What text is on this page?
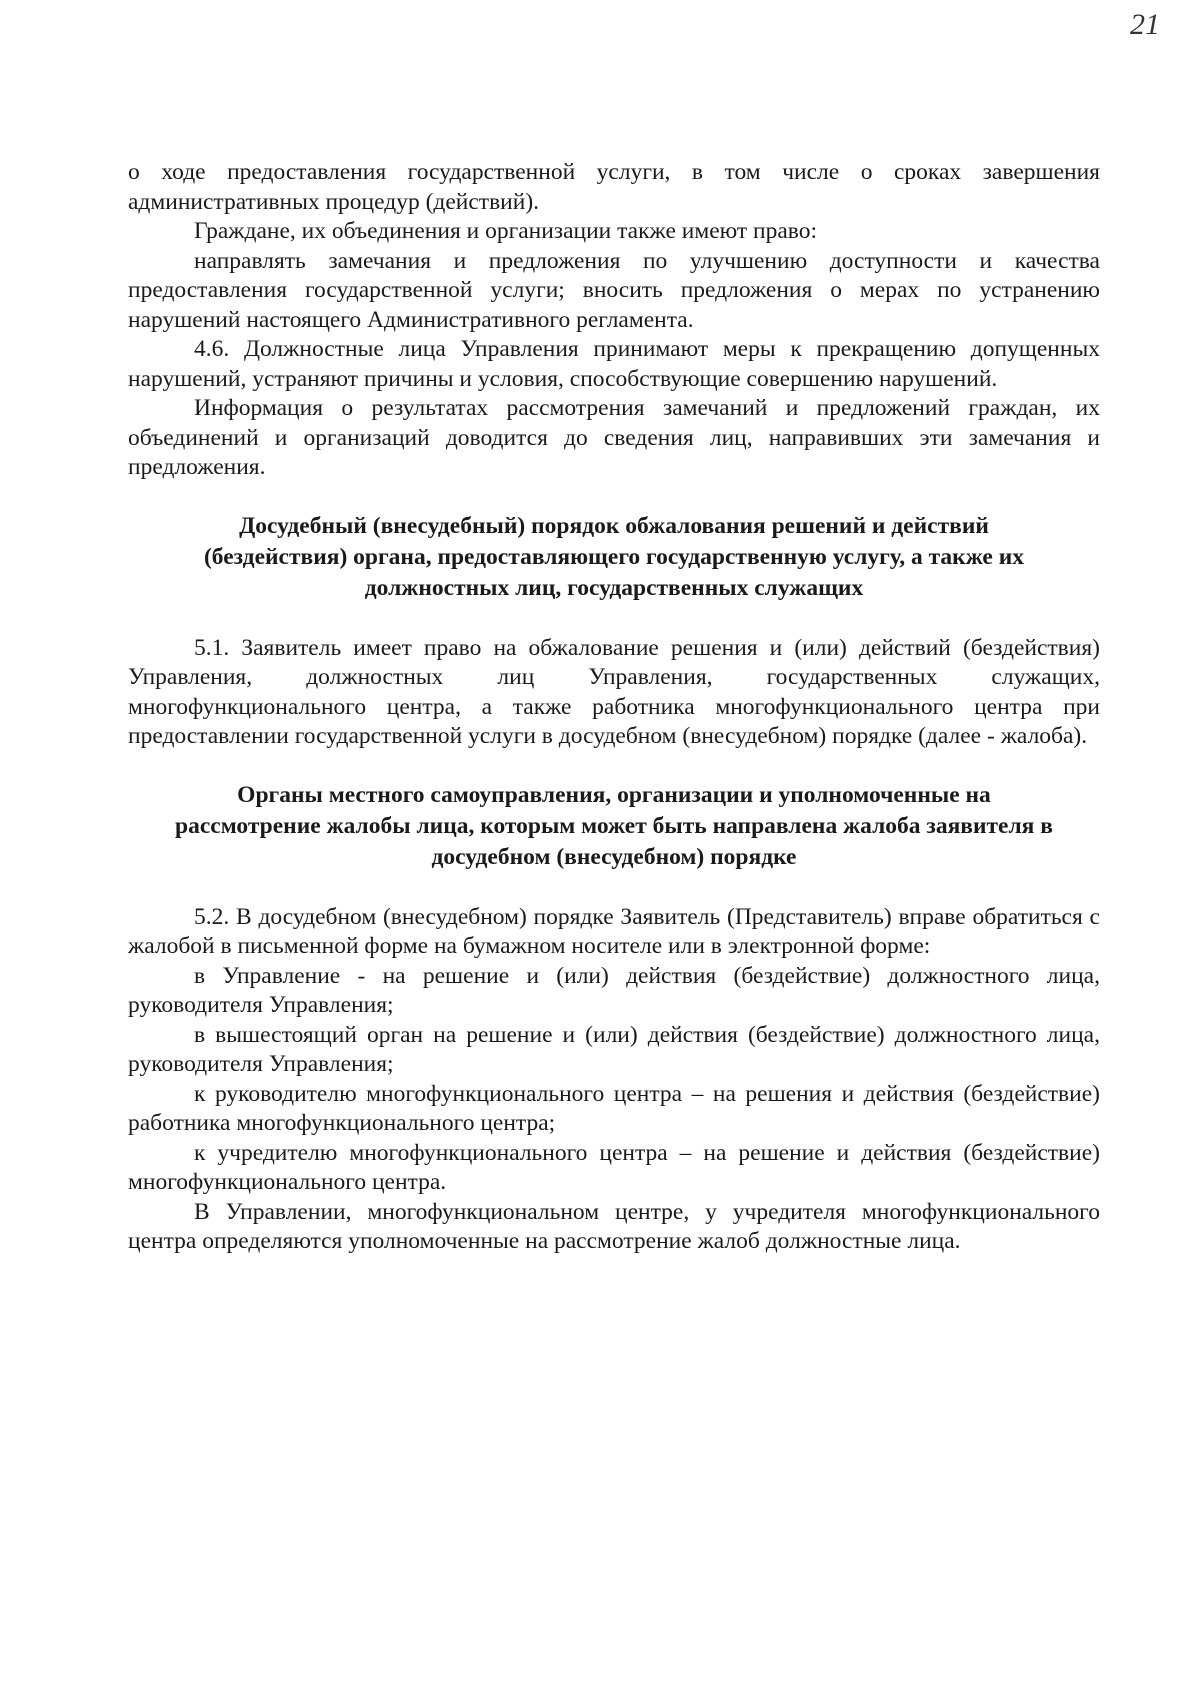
21

о ходе предоставления государственной услуги, в том числе о сроках завершения административных процедур (действий).

Граждане, их объединения и организации также имеют право:

направлять замечания и предложения по улучшению доступности и качества предоставления государственной услуги; вносить предложения о мерах по устранению нарушений настоящего Административного регламента.

4.6. Должностные лица Управления принимают меры к прекращению допущенных нарушений, устраняют причины и условия, способствующие совершению нарушений.

Информация о результатах рассмотрения замечаний и предложений граждан, их объединений и организаций доводится до сведения лиц, направивших эти замечания и предложения.

Досудебный (внесудебный) порядок обжалования решений и действий (бездействия) органа, предоставляющего государственную услугу, а также их должностных лиц, государственных служащих

5.1. Заявитель имеет право на обжалование решения и (или) действий (бездействия) Управления, должностных лиц Управления, государственных служащих, многофункционального центра, а также работника многофункционального центра при предоставлении государственной услуги в досудебном (внесудебном) порядке (далее - жалоба).

Органы местного самоуправления, организации и уполномоченные на рассмотрение жалобы лица, которым может быть направлена жалоба заявителя в досудебном (внесудебном) порядке

5.2. В досудебном (внесудебном) порядке Заявитель (Представитель) вправе обратиться с жалобой в письменной форме на бумажном носителе или в электронной форме:

в Управление - на решение и (или) действия (бездействие) должностного лица, руководителя Управления;

в вышестоящий орган на решение и (или) действия (бездействие) должностного лица, руководителя Управления;

к руководителю многофункционального центра – на решения и действия (бездействие) работника многофункционального центра;

к учредителю многофункционального центра – на решение и действия (бездействие) многофункционального центра.

В Управлении, многофункциональном центре, у учредителя многофункционального центра определяются уполномоченные на рассмотрение жалоб должностные лица.
